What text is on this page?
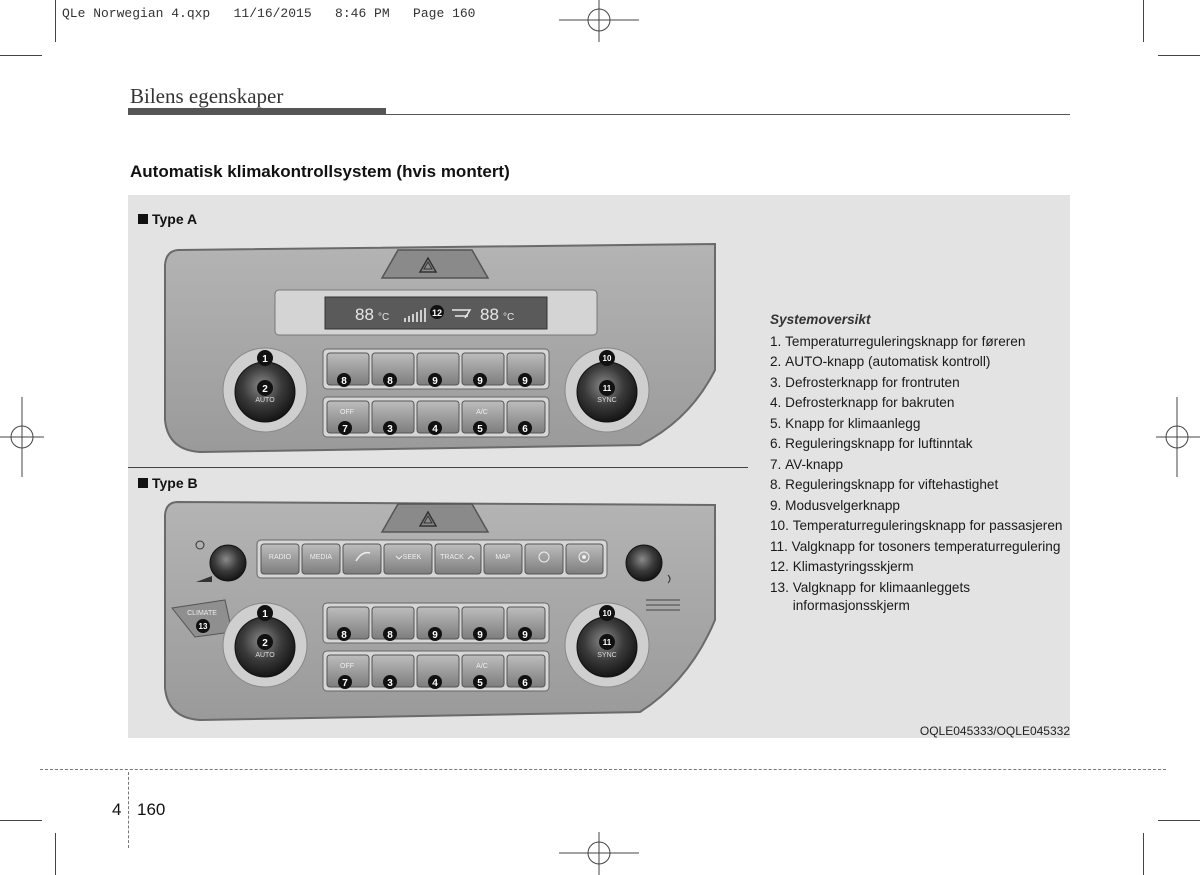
QLe Norwegian 4.qxp   11/16/2015   8:46 PM   Page 160
Bilens egenskaper
Automatisk klimakontrollsystem (hvis montert)
Type A
Type B
88 °C	88 °C
12
AUTO
1
2
SYNC
10
11
8	8	9	9	9
OFF	A/C
7	3	4	5	6
RADIO	MEDIA	SEEK	TRACK	MAP
CLIMATE
13
AUTO
1
2
SYNC
10
11
8	8	9	9	9
OFF	A/C
7	3	4	5	6
Systemoversikt
1. Temperaturreguleringsknapp for føreren
2. AUTO-knapp (automatisk kontroll)
3. Defrosterknapp for frontruten
4. Defrosterknapp for bakruten
5. Knapp for klimaanlegg
6. Reguleringsknapp for luftinntak
7. AV-knapp
8. Reguleringsknapp for viftehastighet
9. Modusvelgerknapp
10. Temperaturreguleringsknapp for passasjeren
11. Valgknapp for tosoners temperaturregulering
12. Klimastyringsskjerm
13. Valgknapp for klimaanleggets informasjonsskjerm
OQLE045333/OQLE045332
4 160
